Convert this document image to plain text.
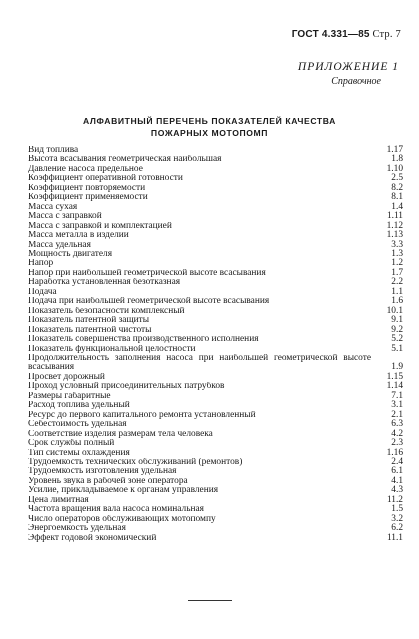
ГОСТ 4.331—85 Стр. 7
ПРИЛОЖЕНИЕ 1
Справочное
АЛФАВИТНЫЙ ПЕРЕЧЕНЬ ПОКАЗАТЕЛЕЙ КАЧЕСТВА
ПОЖАРНЫХ МОТОПОМП
Вид топлива	1.17
Высота всасывания геометрическая наибольшая	1.8
Давление насоса предельное	1.10
Коэффициент оперативной готовности	2.5
Коэффициент повторяемости	8.2
Коэффициент применяемости	8.1
Масса сухая	1.4
Масса с заправкой	1.11
Масса с заправкой и комплектацией	1.12
Масса металла в изделии	1.13
Масса удельная	3.3
Мощность двигателя	1.3
Напор	1.2
Напор при наибольшей геометрической высоте всасывания	1.7
Наработка установленная безотказная	2.2
Подача	1.1
Подача при наибольшей геометрической высоте всасывания	1.6
Показатель безопасности комплексный	10.1
Показатель патентной защиты	9.1
Показатель патентной чистоты	9.2
Показатель совершенства производственного исполнения	5.2
Показатель функциональной целостности	5.1
Продолжительность заполнения насоса при наибольшей геометрической высоте всасывания	1.9
Просвет дорожный	1.15
Проход условный присоединительных патрубков	1.14
Размеры габаритные	7.1
Расход топлива удельный	3.1
Ресурс до первого капитального ремонта установленный	2.1
Себестоимость удельная	6.3
Соответствие изделия размерам тела человека	4.2
Срок службы полный	2.3
Тип системы охлаждения	1.16
Трудоемкость технических обслуживаний (ремонтов)	2.4
Трудоемкость изготовления удельная	6.1
Уровень звука в рабочей зоне оператора	4.1
Усилие, прикладываемое к органам управления	4.3
Цена лимитная	11.2
Частота вращения вала насоса номинальная	1.5
Число операторов обслуживающих мотопомпу	3.2
Энергоемкость удельная	6.2
Эффект годовой экономический	11.1
